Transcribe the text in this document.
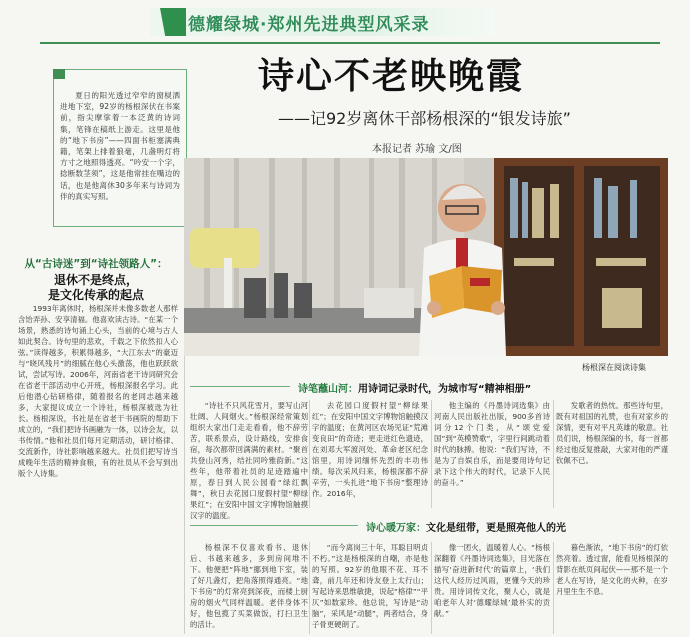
德耀绿城·郑州先进典型风采录
诗心不老映晚霞
——记92岁离休干部杨根深的“银发诗旅”
本报记者 苏瑜 文/图
夏日的阳光透过窄窄的窗棂洒进地下室，92岁的杨根深伏在书案前，指尖摩挲着一本泛黄的诗词集，笔锋在稿纸上游走。这里是他的“地下书房”——四面书柜塞满典籍，笔架上排着狼毫，几盏明灯将方寸之地照得透亮。“吟安一个字，捻断数茎须”，这是他常挂在嘴边的话，也是他离休30多年来与诗词为伴的真实写照。
从“古诗迷”到“诗社领路人”：
退休不是终点，
是文化传承的起点
1993年离休时，杨根深并未像多数老人那样含饴弄孙、安享清福。他喜欢读古诗。“在某一个场景，熟悉的诗句涌上心头，当前的心境与古人如此契合。诗句里的悲欢，千载之下依然扣人心弦。”读得越多，积累得越多，“大江东去”的豪迈与“晓风残月”的细腻在他心头激荡，他也跃跃欲试，尝试写诗。2006年，河南省老干诗词研究会在省老干部活动中心开班，杨根深报名学习。此后他潜心钻研格律，随着报名的老同志越来越多，大家提议成立一个诗社，杨根深被选为社长。杨根深说，书社是在省老干书画院的帮助下成立的，“我们把诗书画融为一体，以诗会友，以书传情。”他和社员们每月定期活动，研讨格律、交流新作，诗社影响越来越大。社员们把写诗当成晚年生活的精神食粮，有的社员从不会写到出版个人诗集。
杨根深在阅读诗集
诗笔蘸山河：用诗词记录时代，为城市写“精神相册”
“诗社不只风花雪月，要写山河壮阔、人间烟火。”杨根深经常策划组织大家出门走走看看，他不辞劳苦，联系景点，设计路线，安排食宿，每次都带回满满的素材。“聚首共登山河秀，结社同吟雅韵新。”这些年，他带着社员的足迹踏遍中原，春日到人民公园看“绿红飘舞”，秋日去花园口度假村望“柳绿果红”；在安阳中国文字博物馆触摸汉字的温度。
去花园口度假村望“柳绿果红”；在安阳中国文字博物馆触摸汉字的温度；在黄河区农场见证“荒滩变良田”的奇迹；更走进红色遗迹，在刘邓大军渡河处、革命老区纪念馆里，用诗词缅怀先烈的丰功伟绩。每次采风归来，杨根深都不辞辛劳，一头扎进“地下书房”整理诗作。2016年，
他主编的《丹墨诗词选集》由河南人民出版社出版，900多首诗词分12个门类，从“颂党爱国”到“英模赞歌”，字里行间跳动着时代的脉搏。他说：“我们写诗，不是为了自娱自乐，而是要用诗句记录下这个伟大的时代，记录下人民的奋斗。”
发歌者的热忱。那些诗句里，既有对祖国的礼赞，也有对家乡的深情，更有对平凡英雄的敬意。社员们说，杨根深编的书，每一首都经过他反复推敲，大家对他的严谨钦佩不已。
诗心暖万家：文化是纽带，更是照亮他人的光
杨根深不仅喜欢看书、退休后、书越来越多，多到房间堆不下。他便把“阵地”挪到地下室，装了好几盏灯，把角落照得通亮。“地下书房”的灯常亮到深夜，而楼上厨房的烟火气同样温暖。老伴身体不好，他包揽了买菜做饭，打扫卫生的活计。
“而今离岗三十年，耳聪目明贞不朽。”这是杨根深的自嘲，亦是他的写照。92岁的他眼不花、耳不聋，前几年还和诗友登上太行山；写起诗来思维敏捷，说起“格律”“平仄”如数家珍。他总说，写诗是“动脑”，采风是“动腿”，两者结合，身子骨更硬朗了。
像一团火，温暖着人心。“杨根深翻着《丹墨诗词选集》，目光落在描写‘奋进新时代’的篇章上，‘我们这代人经历过风雨，更懂今天的珍贵。用诗词传文化，聚人心，就是咱老年人对‘德耀绿城’最朴实的贡献。”
暮色渐浓，“地下书房”的灯依然亮着。透过窗，能看见杨根深的背影在纸页间起伏——那不是一个老人在写诗，是文化的火种，在岁月里生生不息。
